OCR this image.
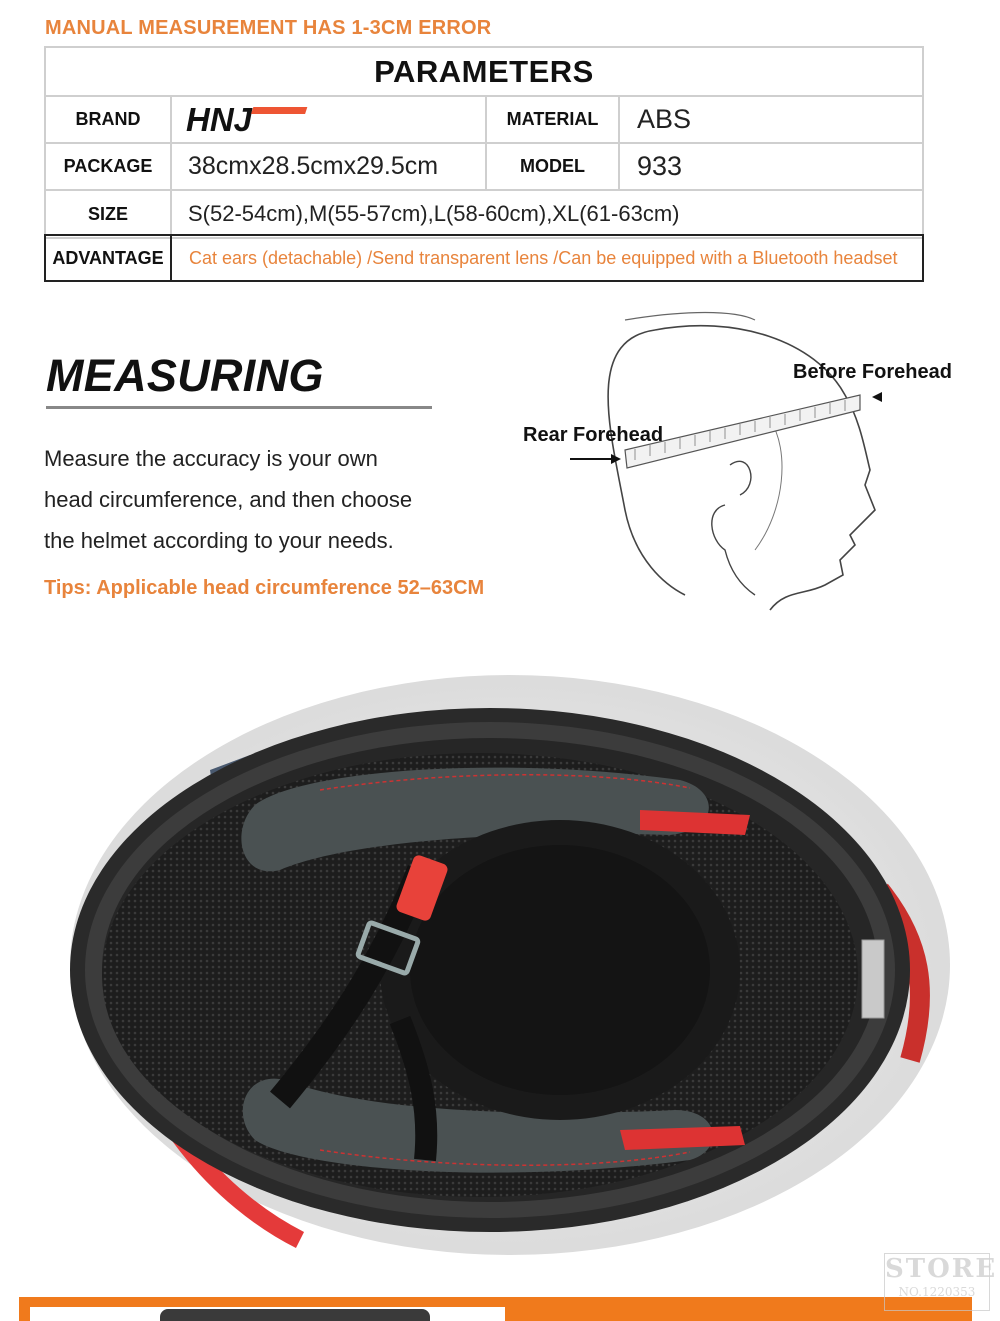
MANUAL MEASUREMENT HAS 1-3CM ERROR
PARAMETERS
BRAND	HNJ	MATERIAL	ABS
PACKAGE	38cmx28.5cmx29.5cm	MODEL	933
SIZE	S(52-54cm),M(55-57cm),L(58-60cm),XL(61-63cm)
ADVANTAGE	Cat ears (detachable) /Send transparent lens /Can be equipped with a Bluetooth headset
MEASURING
Measure the accuracy is your own
head circumference, and then choose
the helmet according to your needs.
Tips: Applicable head circumference 52–63CM
Rear Forehead
Before Forehead
STORE
NO.1220353
